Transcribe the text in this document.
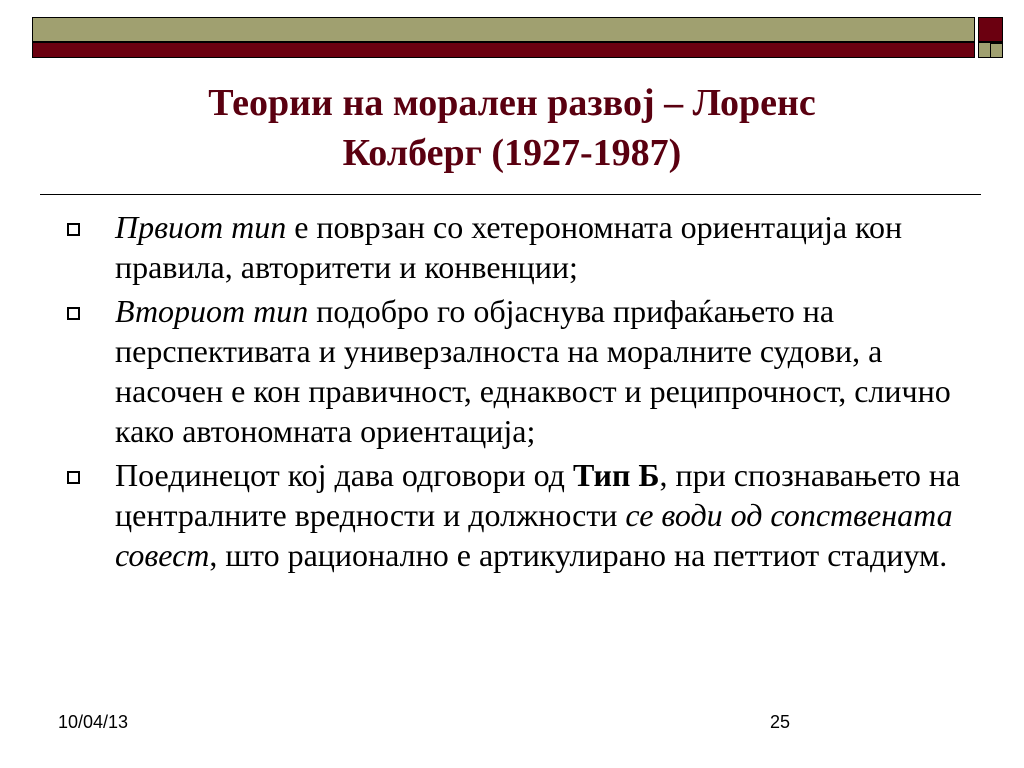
Теории на морален развој – Лоренс
Колберг (1927-1987)
Првиот тип е поврзан со хетерономната ориентација кон правила, авторитети и конвенции;
Вториот тип подобро го објаснува прифаќањето на перспективата и универзалноста на моралните судови, а насочен е кон правичност, еднаквост и реципрочност, слично како автономната ориентација;
Поединецот кој дава одговори од Тип Б, при спознавањето на централните вредности и должности се води од сопствената совест, што рационално е артикулирано на петтиот стадиум.
10/04/13	25
